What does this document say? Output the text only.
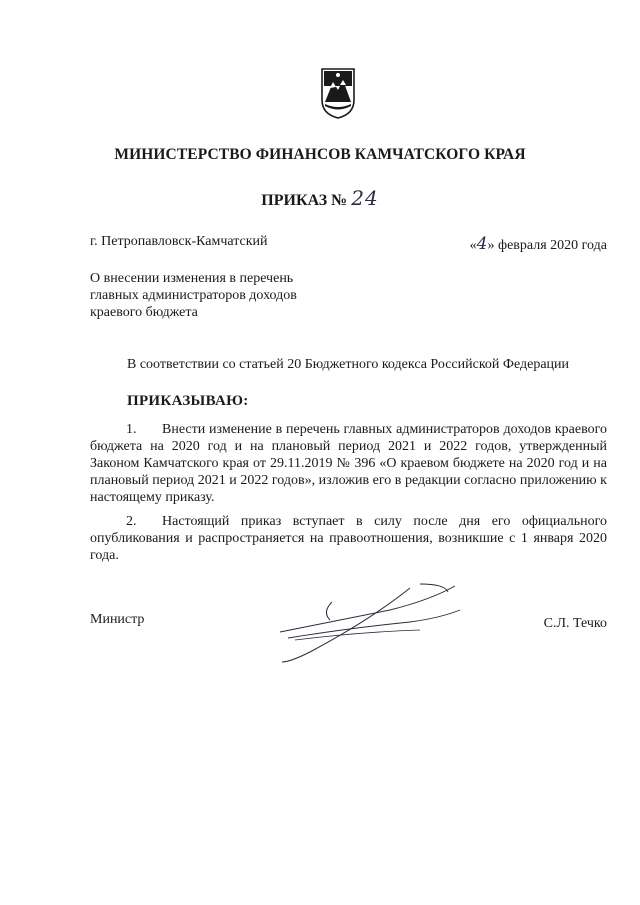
МИНИСТЕРСТВО ФИНАНСОВ КАМЧАТСКОГО КРАЯ
ПРИКАЗ № 24
г. Петропавловск-Камчатский	«4» февраля 2020 года
О внесении изменения в перечень
главных администраторов доходов
краевого бюджета
В соответствии со статьей 20 Бюджетного кодекса Российской Федерации
ПРИКАЗЫВАЮ:
1. Внести изменение в перечень главных администраторов доходов краевого бюджета на 2020 год и на плановый период 2021 и 2022 годов, утвержденный Законом Камчатского края от 29.11.2019 № 396 «О краевом бюджете на 2020 год и на плановый период 2021 и 2022 годов», изложив его в редакции согласно приложению к настоящему приказу.
2. Настоящий приказ вступает в силу после дня его официального опубликования и распространяется на правоотношения, возникшие с 1 января 2020 года.
Министр	С.Л. Течко
